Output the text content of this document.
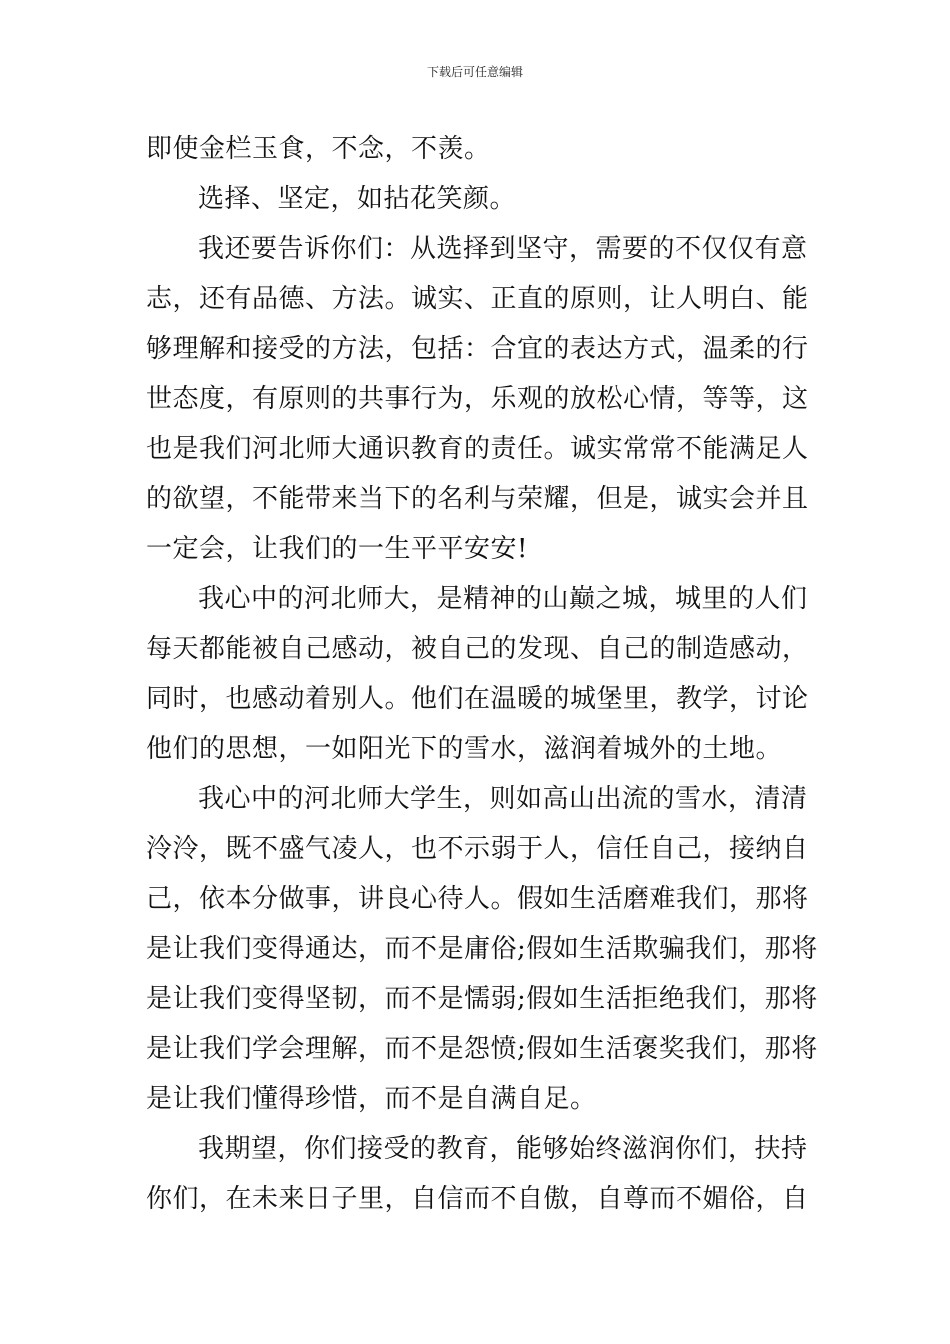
下载后可任意编辑
即使金栏玉食，不念，不羡。
选择、坚定，如拈花笑颜。
我还要告诉你们：从选择到坚守，需要的不仅仅有意
志，还有品德、方法。诚实、正直的原则，让人明白、能
够理解和接受的方法，包括：合宜的表达方式，温柔的行
世态度，有原则的共事行为，乐观的放松心情，等等，这
也是我们河北师大通识教育的责任。诚实常常不能满足人
的欲望，不能带来当下的名利与荣耀，但是，诚实会并且
一定会，让我们的一生平平安安!
我心中的河北师大，是精神的山巅之城，城里的人们
每天都能被自己感动，被自己的发现、自己的制造感动，
同时，也感动着别人。他们在温暖的城堡里，教学，讨论
他们的思想，一如阳光下的雪水，滋润着城外的土地。
我心中的河北师大学生，则如高山出流的雪水，清清
泠泠，既不盛气凌人，也不示弱于人，信任自己，接纳自
己，依本分做事，讲良心待人。假如生活磨难我们，那将
是让我们变得通达，而不是庸俗;假如生活欺骗我们，那将
是让我们变得坚韧，而不是懦弱;假如生活拒绝我们，那将
是让我们学会理解，而不是怨愤;假如生活褒奖我们，那将
是让我们懂得珍惜，而不是自满自足。
我期望，你们接受的教育，能够始终滋润你们，扶持
你们，在未来日子里，自信而不自傲，自尊而不媚俗，自
